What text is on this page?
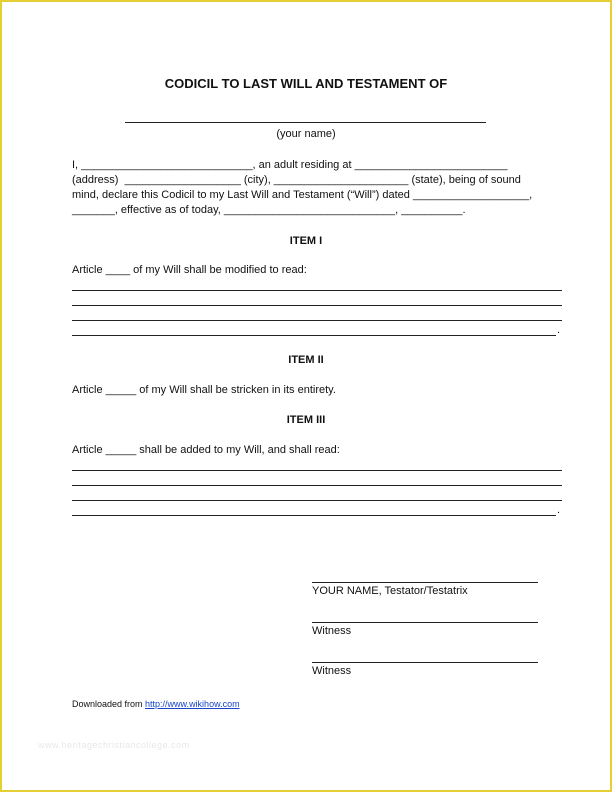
CODICIL TO LAST WILL AND TESTAMENT OF
(your name)
I, ____________________________, an adult residing at _________________________
(address)  ___________________ (city), ______________________ (state), being of sound
mind, declare this Codicil to my Last Will and Testament (“Will”) dated ___________________,
_______, effective as of today, ____________________________, __________.
ITEM I
Article ____ of my Will shall be modified to read:
.
ITEM II
Article _____ of my Will shall be stricken in its entirety.
ITEM III
Article _____ shall be added to my Will, and shall read:
.
YOUR NAME, Testator/Testatrix
Witness
Witness
Downloaded from http://www.wikihow.com
www.heritagechristiancollege.com
